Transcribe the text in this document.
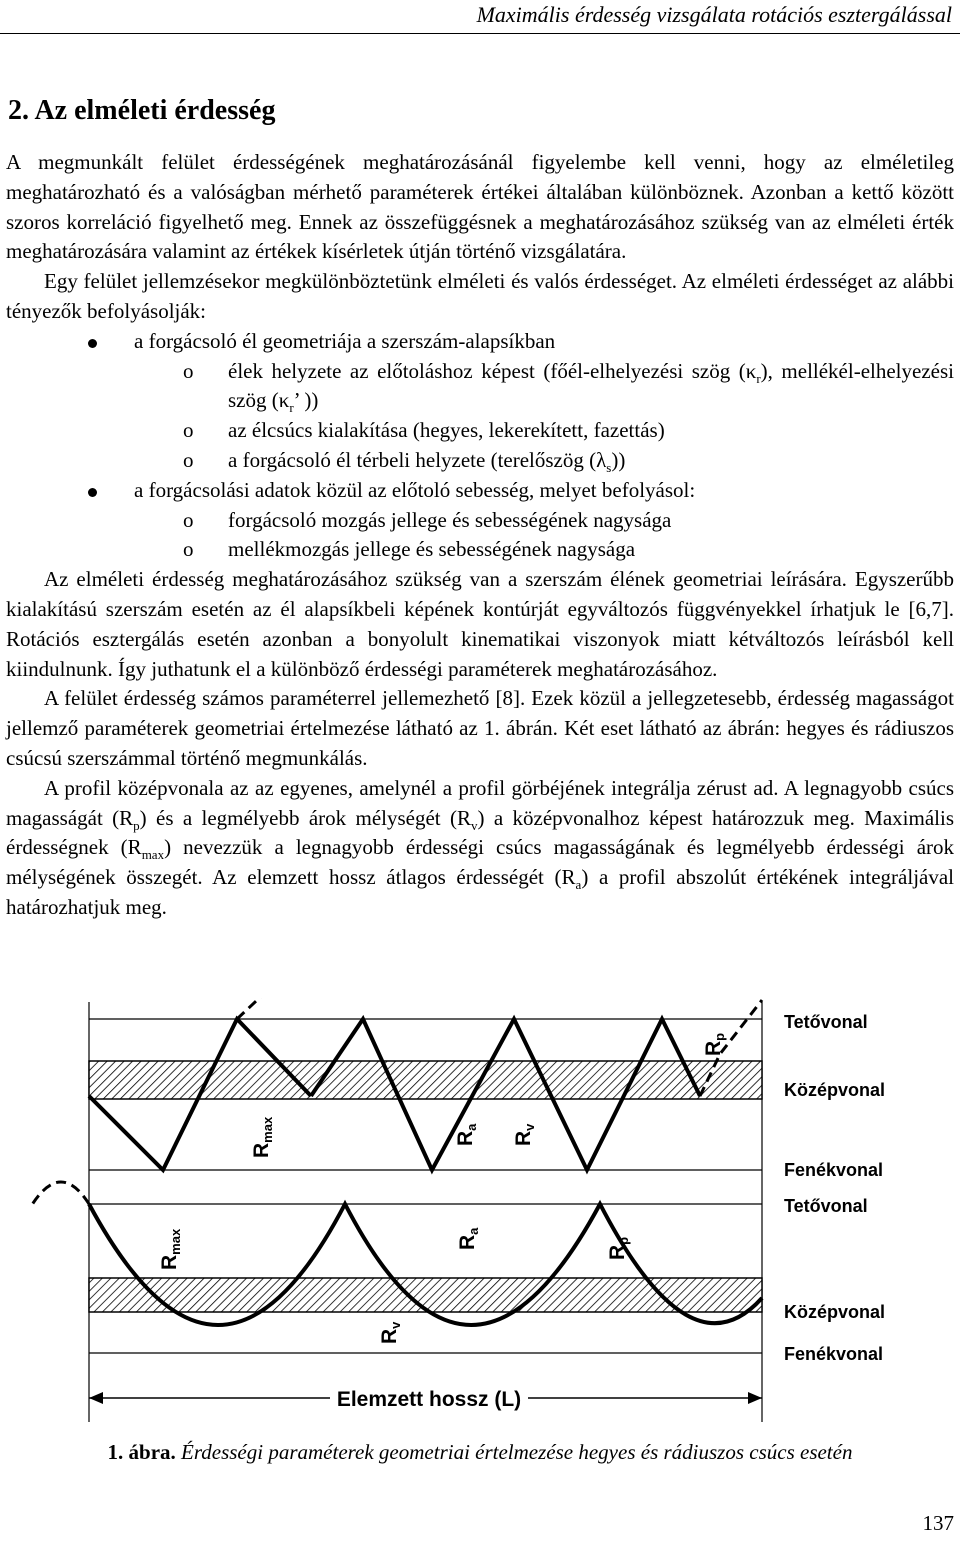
Maximális érdesség vizsgálata rotációs esztergálással
2. Az elméleti érdesség

A megmunkált felület érdességének meghatározásánál figyelembe kell venni, hogy az elméletileg meghatározható és a valóságban mérhető paraméterek értékei általában különböznek. Azonban a kettő között szoros korreláció figyelhető meg. Ennek az összefüggésnek a meghatározásához szükség van az elméleti érték meghatározására valamint az értékek kísérletek útján történő vizsgálatára.

Egy felület jellemzésekor megkülönböztetünk elméleti és valós érdességet. Az elméleti érdességet az alábbi tényezők befolyásolják:

a forgácsoló él geometriája a szerszám-alapsíkban
o élek helyzete az előtoláshoz képest (főél-elhelyezési szög $(\kappa_r)$, mellékél-elhelyezési szög ($\kappa_r$’ ))
o az élcsúcs kialakítása (hegyes, lekerekített, fazettás)
o a forgácsoló él térbeli helyzete (terelőszög $(\lambda_s)$)
a forgácsolási adatok közül az előtoló sebesség, melyet befolyásol:
o forgácsoló mozgás jellege és sebességének nagysága
o mellékmozgás jellege és sebességének nagysága

Az elméleti érdesség meghatározásához szükség van a szerszám élének geometriai leírására. Egyszerűbb kialakítású szerszám esetén az él alapsíkbeli képének kontúrját egyváltozós függvényekkel írhatjuk le [6,7]. Rotációs esztergálás esetén azonban a bonyolult kinematikai viszonyok miatt kétváltozós leírásból kell kiindulnunk. Így juthatunk el a különböző érdességi paraméterek meghatározásához.

A felület érdesség számos paraméterrel jellemezhető [8]. Ezek közül a jellegzetesebb, érdesség magasságot jellemző paraméterek geometriai értelmezése látható az 1. ábrán. Két eset látható az ábrán: hegyes és rádiuszos csúcsú szerszámmal történő megmunkálás.

A profil középvonala az az egyenes, amelynél a profil görbéjének integrálja zérust ad. A legnagyobb csúcs magasságát $(R_p)$ és a legmélyebb árok mélységét $(R_v)$ a középvonalhoz képest határozzuk meg. Maximális érdességnek $(R_{max})$ nevezzük a legnagyobb érdességi csúcs magasságának és legmélyebb érdességi árok mélységének összegét. Az elemzett hossz átlagos érdességét $(R_a)$ a profil abszolút értékének integráljával határozhatjuk meg.

Tetővonal
Középvonal
Fenékvonal
Rmax	Ra
Rv
Rp
Tetővonal
Középvonal
Fenékvonal
Rmax	Ra
Rv
Rp
Elemzett hossz (L)
1. ábra. Érdességi paraméterek geometriai értelmezése hegyes és rádiuszos csúcs esetén
137
